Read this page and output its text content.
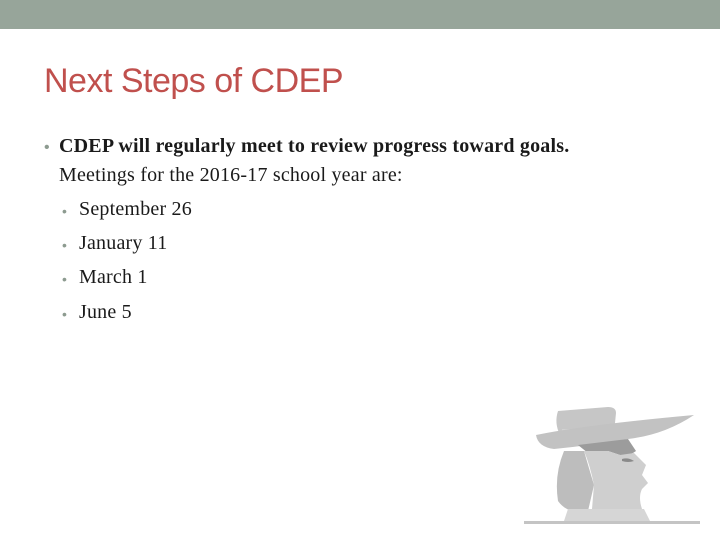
Next Steps of CDEP
• CDEP will regularly meet to review progress toward goals.
Meetings for the 2016-17 school year are:
• September 26
• January 11
• March 1
• June 5
